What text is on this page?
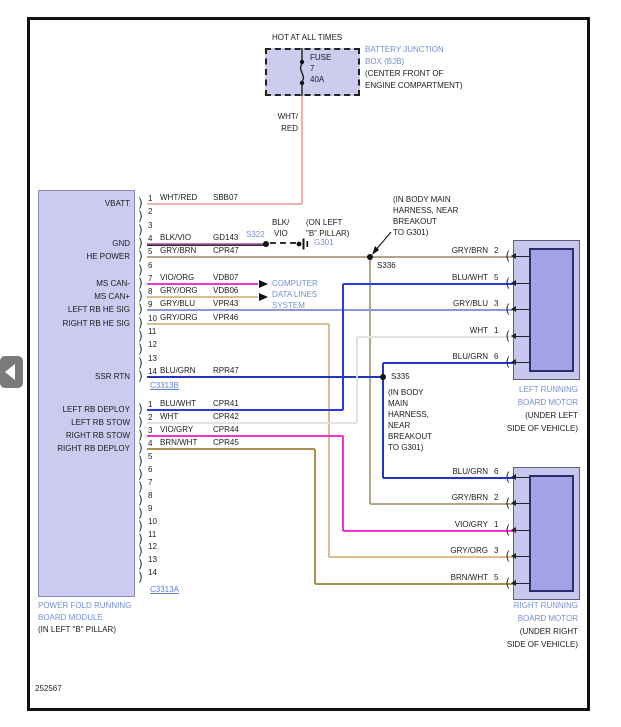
HOT AT ALL TIMES
FUSE
7
40A
BATTERY JUNCTION
BOX (BJB)
(CENTER FRONT OF
ENGINE COMPARTMENT)
WHT/
RED
S322
BLK/
VIO
(ON LEFT
"B" PILLAR)
G301
COMPUTER
DATA LINES
SYSTEM
(IN BODY MAIN
HARNESS, NEAR
BREAKOUT
TO G301)
S336
S335
(IN BODY
MAIN
HARNESS,
NEAR
BREAKOUT
TO G301)
C3313B
C3313A
POWER FOLD RUNNING
BOARD MODULE
(IN LEFT "B" PILLAR)
LEFT RUNNING
BOARD MOTOR
(UNDER LEFT
SIDE OF VEHICLE)
RIGHT RUNNING
BOARD MOTOR
(UNDER RIGHT
SIDE OF VEHICLE)
252567
) 1
VBATT
WHT/RED SBB07
) 2
) 3
) 4
GND
BLK/VIO	GD143
) 5
HE POWER
GRY/BRN CPR47
) 6
) 7
MS CAN-
VIO/ORG VDB07
) 8
MS CAN+
GRY/ORG VDB06
) 9
LEFT RB HE SIG
GRY/BLU VPR43
) 10
RIGHT RB HE SIG
GRY/ORG VPR46
) 11
) 12
) 13
) 14
SSR RTN
BLU/GRN RPR47
) 1
LEFT RB DEPLOY
BLU/WHT CPR41
) 2
LEFT RB STOW
WHT	CPR42
) 3
RIGHT RB STOW
VIO/GRY CPR44
) 4
RIGHT RB DEPLOY
BRN/WHT CPR45
) 5
) 6
) 7
) 8
) 9
) 10
) 11
) 12
) 13
) 14
(
2
GRY/BRN
(
5
BLU/WHT
(
3
GRY/BLU
(
1
WHT
(
6
BLU/GRN
(
6
BLU/GRN
(
2
GRY/BRN
(
1
VIO/GRY
(
3
GRY/ORG
(
5
BRN/WHT
